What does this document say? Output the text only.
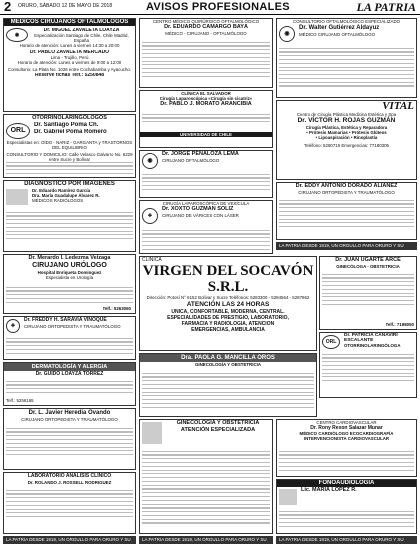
2 ORURO, SÁBADO 12 DE MAYO DE 2018	AVISOS PROFESIONALES	LA PATRIA
MÉDICOS CIRUJANOS OFTALMÓLOGOS
◉
Dr. MIGUEL ZAVALETA LOAYZA
Especialización Santiago de Chile, Chile Madrid, España
Horario de atención: Lunes a viernes 14:30 a 20:00
Dr. PABLO ZAVALETA MERCADO
Lima - Trujillo, Perú
Horario de atención: Lunes a viernes de 9:00 a 12:00
Consultorio: La Plata No. 1026 entre Cochabamba y Ayacucho.
Reserve fichas Telf.: 5250848
OTORRINOLARINGOLOGOS
ORL
Dr. Santiago Poma Ch.
Dr. Gabriel Poma Romero
Especialistas en: OÍDO - NARIZ - GARGANTA y TRASTORNOS DEL EQUILIBRIO
CONSULTORIO Y DOMICILIO: Calle Velasco Galvarro No. 6229 entre Sucre y Bolívar
DIAGNÓSTICO POR IMÁGENES
Dr. Eduardo Ramírez García
Dra. María Guadalupe Álvarez R.
MÉDICOS RADIÓLOGOS
Dr. Merardo I. Ledezma Veizaga
CIRUJANO URÓLOGO
Hospital Enriqueta Dominguez
Especialista en Urología
Telf.: 5263060
✚
Dr. FREDDY H. SARAVIA VINOQUE
CIRUJANO ORTOPEDISTA Y TRAUMATÓLOGO
DERMATOLOGÍA Y ALERGIA
Dr. GUIDO LOAYZA TORREZ
Telf.: 5256165
Dr. L. Javier Heredia Ovando
CIRUJANO ORTOPEDISTA Y TRAUMATÓLOGO
LABORATORIO ANÁLISIS CLÍNICO
Dr. ROLANDO J. ROSSELL RODRIGUEZ
LA PATRIA DESDE 1919, UN ORGULLO PARA ORURO Y SU GENTE
CENTRO MÉDICO QUIRÚRGICO OFTALMOLÓGICO
Dr. EDUARDO CAMARGO BAYÁ
MÉDICO - CIRUJANO - OFTALMÓLOGO
CLÍNICA EL SALVADOR
Cirugía Laparoscópica «Cirugía sin cicatriz»
Dr. PABLO J. MORATO ARANCIBIA
UNIVERSIDAD DE CHILE
◉
Dr. JORGE PEÑALOZA LEMA
CIRUJANO OFTALMÓLOGO
CIRUGÍA LAPAROSCÓPICA DE VESÍCULA
✚
Dr. XOXTO GUZMÁN SOLIZ
CIRUJANO DE VÁRICES CON LÁSER
CONSULTORIO OFTALMOLÓGICO ESPECIALIZADO
◉
Dr. Walter Gutiérrez Aldayuz
MÉDICO CIRUJANO OFTALMÓLOGO
VITAL
Centro de Cirugía Plástica Medicina Estética y Spa
Dr. VÍCTOR H. ROJAS GUZMÁN
Cirugía Plástica, Estética y Reparadora
• Prótesis Mamarias • Prótesis Glúteos
• Lipoaspiración • Rinoplastía
Teléfono: 5280715 Emergencias: 77180305
Dr. EDDY ANTONIO DORADO ALIANEZ
CIRUJANO ORTOPEDISTA Y TRAUMATÓLOGO
LA PATRIA DESDE 1919, UN ORGULLO PARA ORURO Y SU GENTE
CLÍNICA
VIRGEN DEL SOCAVÓN S.R.L.
Dirección: Potosí N° 6152 Bolívar y Sucre Teléfonos: 5283300 - 5284564 - 5287862
ATENCIÓN LAS 24 HORAS
ÚNICA, CONFORTABLE, MODERNA, CENTRAL.
ESPECIALIDADES DE PRESTIGIO, LABORATORIO,
FARMACIA Y RADIOLOGÍA, ATENCIÓN
EMERGENCIAS, AMBULANCIA
Dra. PAOLA G. MANCILLA OROS
GINECOLOGÍA Y OBSTETRICIA
Dr. JUAN UGARTE ARCE
GINECÓLOGA - OBSTETRICIA
Telf.: 7198050
ORL
Dr. PATRICIA CANAVIRI ESCALANTE
OTORRINOLARINGÓLOGA
GINECOLOGÍA Y OBSTETRICIA ATENCIÓN ESPECIALIZADA
LA PATRIA DESDE 1919, UN ORGULLO PARA ORURO Y SU GENTE
CENTRO CARDIOVASCULAR
Dr. Rony Rexon Salazar Munar
MÉDICO CARDIÓLOGO ECOCARDIOGRAFÍA INTERVENCIONISTA CARDIOVASCULAR
FONOAUDIOLOGÍA
Lic. MARIA LÓPEZ R.
LA PATRIA DESDE 1919, UN ORGULLO PARA ORURO Y SU GENTE
